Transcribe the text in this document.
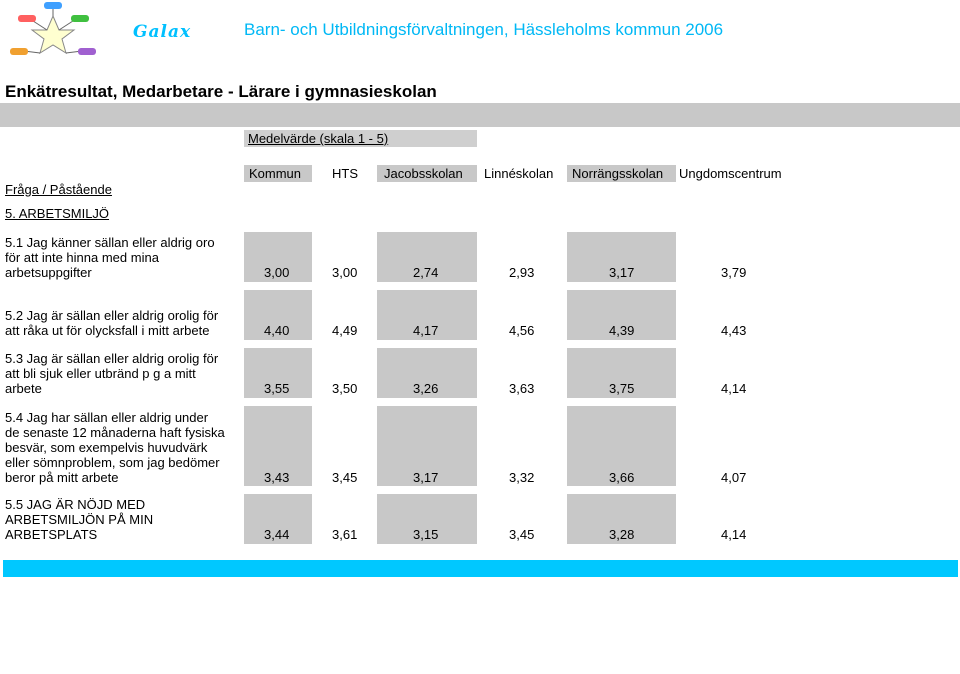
Galax	Barn- och Utbildningsförvaltningen, Hässleholms kommun 2006
Enkätresultat, Medarbetare - Lärare i gymnasieskolan
Medelvärde (skala 1 - 5)
Kommun	HTS	Jacobsskolan	Linnéskolan	Norrängsskolan	Ungdomscentrum
Fråga / Påstående
5. ARBETSMILJÖ
5.1 Jag känner sällan eller aldrig oro
för att inte hinna med mina
arbetsuppgifter	3,00	3,00	2,74	2,93	3,17	3,79
5.2 Jag är sällan eller aldrig orolig för
att råka ut för olycksfall i mitt arbete	4,40	4,49	4,17	4,56	4,39	4,43
5.3 Jag är sällan eller aldrig orolig för
att bli sjuk eller utbränd p g a mitt
arbete	3,55	3,50	3,26	3,63	3,75	4,14
5.4 Jag har sällan eller aldrig under
de senaste 12 månaderna haft fysiska
besvär, som exempelvis huvudvärk
eller sömnproblem, som jag bedömer
beror på mitt arbete	3,43	3,45	3,17	3,32	3,66	4,07
5.5 JAG ÄR NÖJD MED
ARBETSMILJÖN PÅ MIN
ARBETSPLATS	3,44	3,61	3,15	3,45	3,28	4,14
